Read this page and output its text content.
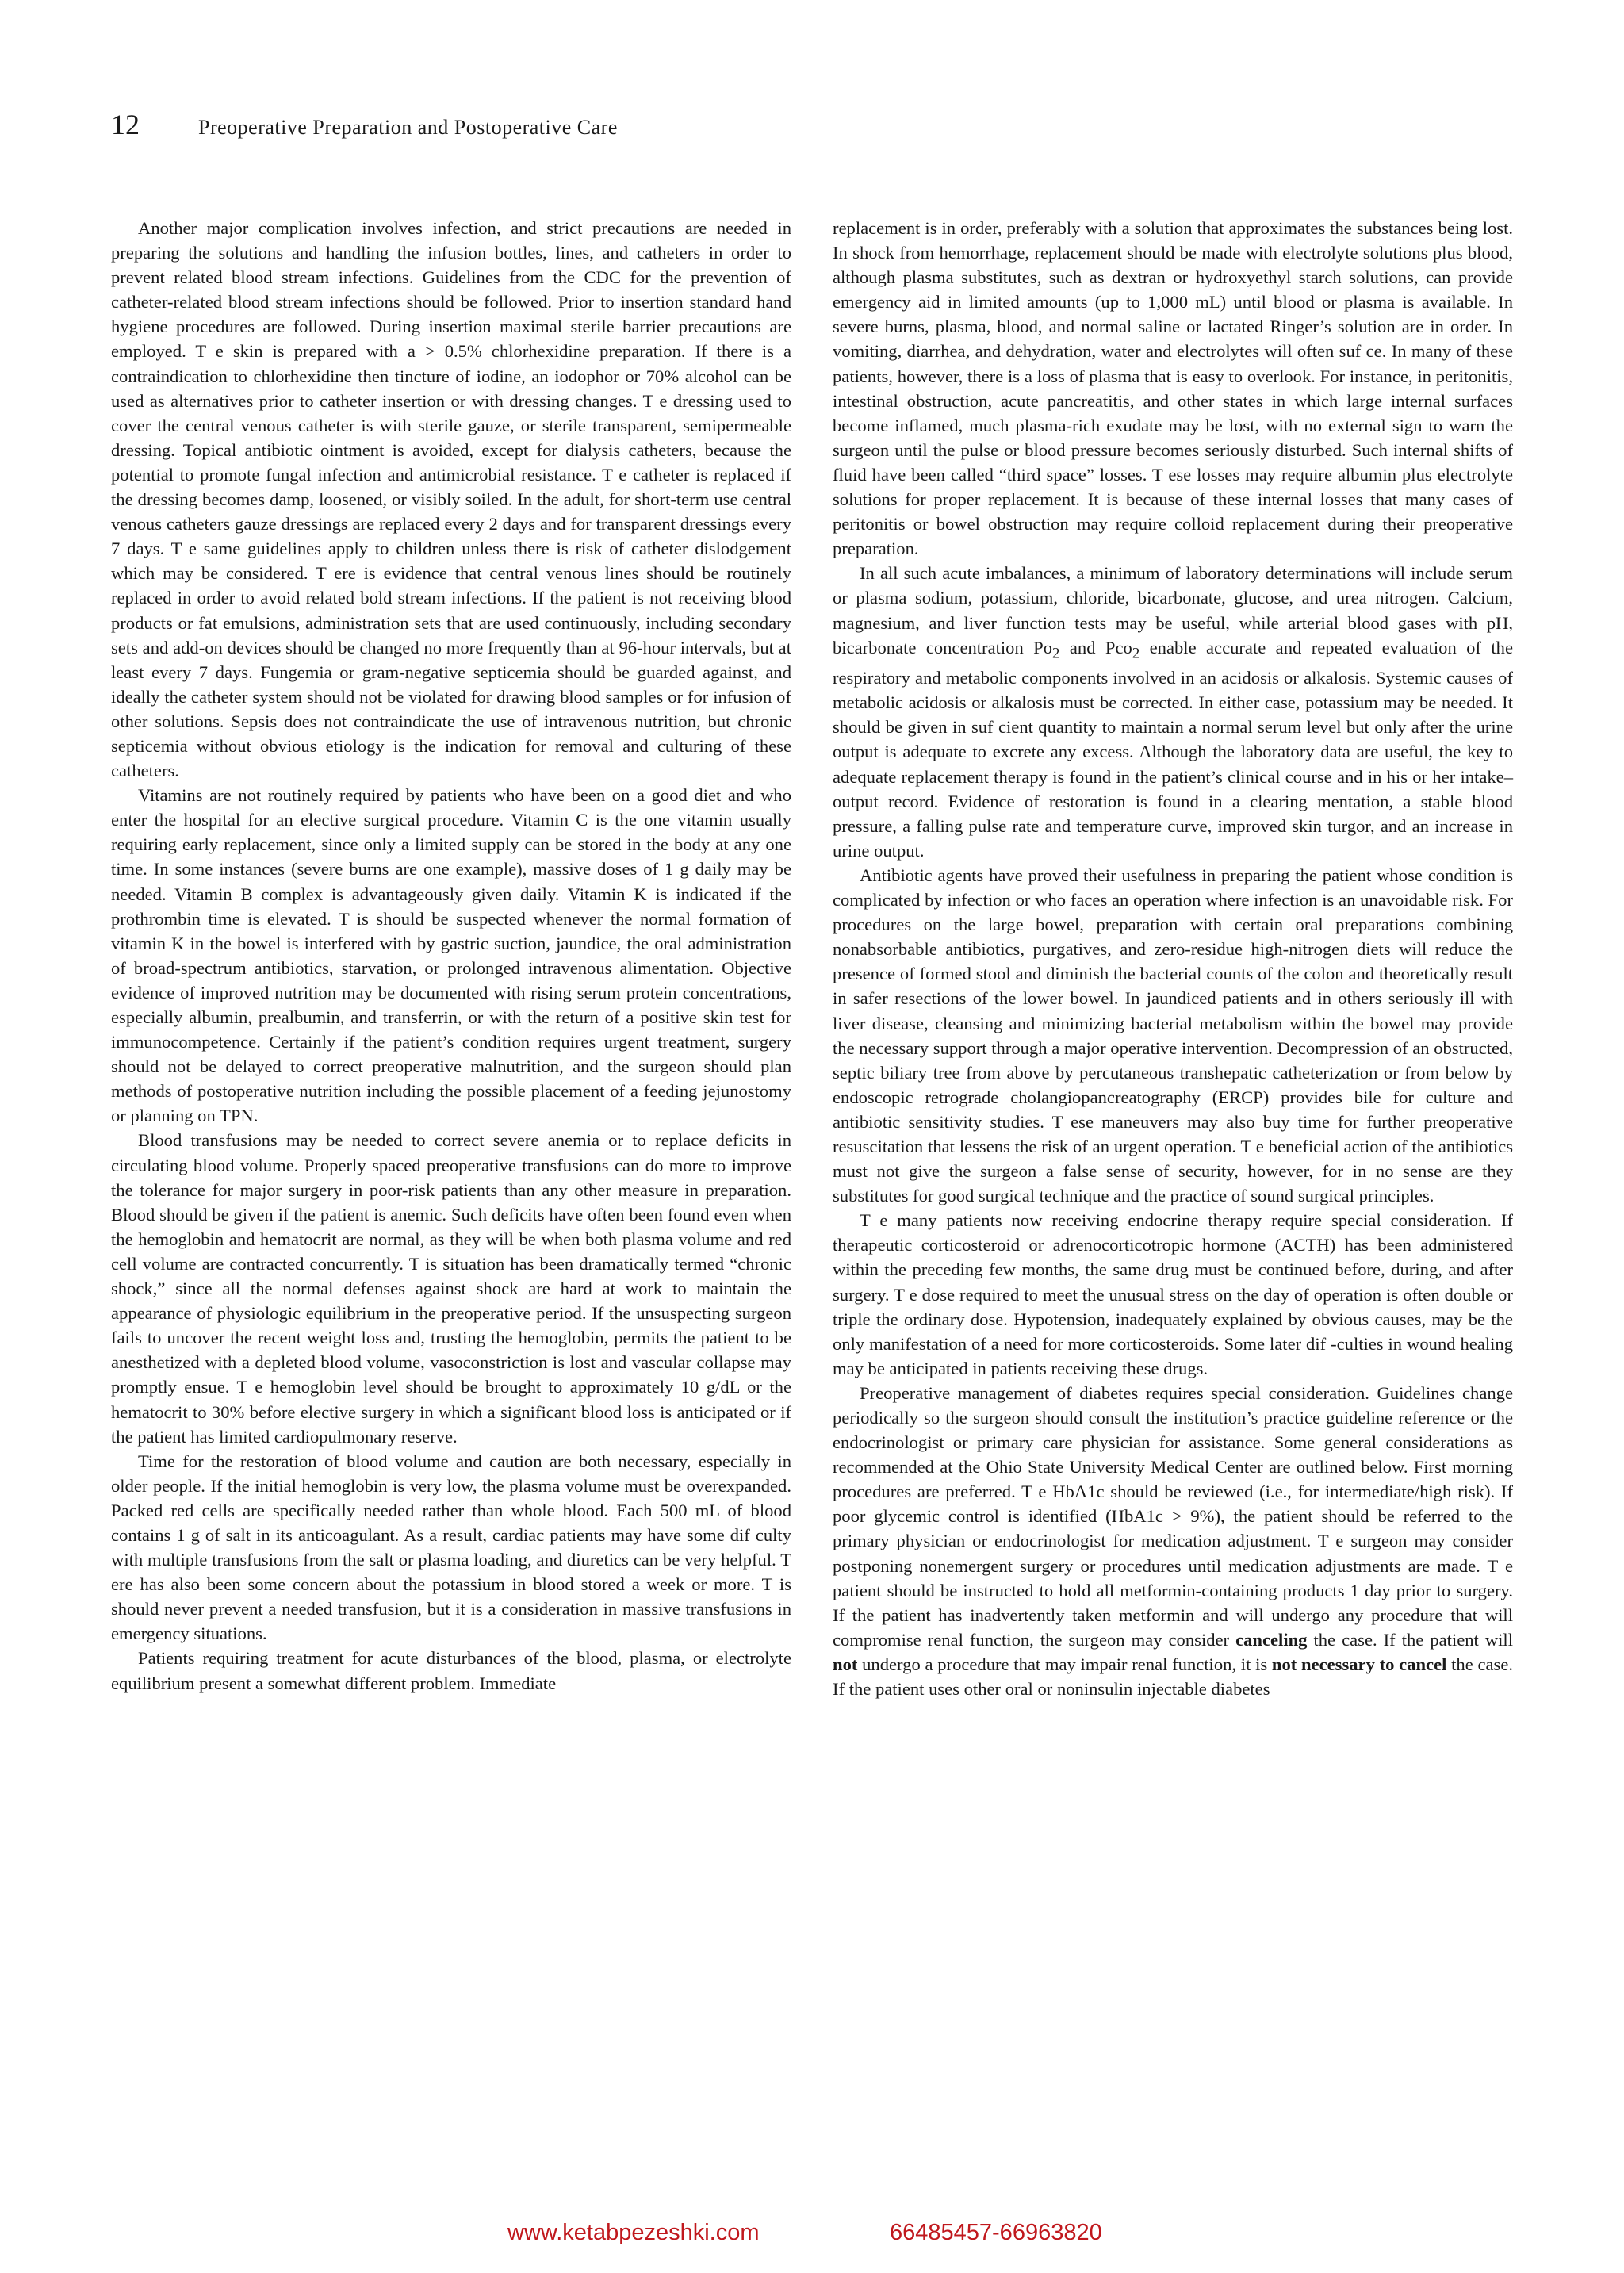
12	Preoperative Preparation and Postoperative Care

Another major complication involves infection, and strict precautions are needed in preparing the solutions and handling the infusion bottles, lines, and catheters in order to prevent related blood stream infections. Guidelines from the CDC for the prevention of catheter-related blood stream infections should be followed. Prior to insertion standard hand hygiene procedures are followed. During insertion maximal sterile barrier precautions are employed. T e skin is prepared with a > 0.5% chlorhexidine preparation. If there is a contraindication to chlorhexidine then tincture of iodine, an iodophor or 70% alcohol can be used as alternatives prior to catheter insertion or with dressing changes. T e dressing used to cover the central venous catheter is with sterile gauze, or sterile transparent, semipermeable dressing. Topical antibiotic ointment is avoided, except for dialysis catheters, because the potential to promote fungal infection and antimicrobial resistance. T e catheter is replaced if the dressing becomes damp, loosened, or visibly soiled. In the adult, for short-term use central venous catheters gauze dressings are replaced every 2 days and for transparent dressings every 7 days. T e same guidelines apply to children unless there is risk of catheter dislodgement which may be considered. T ere is evidence that central venous lines should be routinely replaced in order to avoid related bold stream infections. If the patient is not receiving blood products or fat emulsions, administration sets that are used continuously, including secondary sets and add-on devices should be changed no more frequently than at 96-hour intervals, but at least every 7 days. Fungemia or gram-negative septicemia should be guarded against, and ideally the catheter system should not be violated for drawing blood samples or for infusion of other solutions. Sepsis does not contraindicate the use of intravenous nutrition, but chronic septicemia without obvious etiology is the indication for removal and culturing of these catheters.

Vitamins are not routinely required by patients who have been on a good diet and who enter the hospital for an elective surgical procedure. Vitamin C is the one vitamin usually requiring early replacement, since only a limited supply can be stored in the body at any one time. In some instances (severe burns are one example), massive doses of 1 g daily may be needed. Vitamin B complex is advantageously given daily. Vitamin K is indicated if the prothrombin time is elevated. T is should be suspected whenever the normal formation of vitamin K in the bowel is interfered with by gastric suction, jaundice, the oral administration of broad-spectrum antibiotics, starvation, or prolonged intravenous alimentation. Objective evidence of improved nutrition may be documented with rising serum protein concentrations, especially albumin, prealbumin, and transferrin, or with the return of a positive skin test for immunocompetence. Certainly if the patient’s condition requires urgent treatment, surgery should not be delayed to correct preoperative malnutrition, and the surgeon should plan methods of postoperative nutrition including the possible placement of a feeding jejunostomy or planning on TPN.

Blood transfusions may be needed to correct severe anemia or to replace deficits in circulating blood volume. Properly spaced preoperative transfusions can do more to improve the tolerance for major surgery in poor-risk patients than any other measure in preparation. Blood should be given if the patient is anemic. Such deficits have often been found even when the hemoglobin and hematocrit are normal, as they will be when both plasma volume and red cell volume are contracted concurrently. T is situation has been dramatically termed “chronic shock,” since all the normal defenses against shock are hard at work to maintain the appearance of physiologic equilibrium in the preoperative period. If the unsuspecting surgeon fails to uncover the recent weight loss and, trusting the hemoglobin, permits the patient to be anesthetized with a depleted blood volume, vasoconstriction is lost and vascular collapse may promptly ensue. T e hemoglobin level should be brought to approximately 10 g/dL or the hematocrit to 30% before elective surgery in which a significant blood loss is anticipated or if the patient has limited cardiopulmonary reserve.

Time for the restoration of blood volume and caution are both necessary, especially in older people. If the initial hemoglobin is very low, the plasma volume must be overexpanded. Packed red cells are specifically needed rather than whole blood. Each 500 mL of blood contains 1 g of salt in its anticoagulant. As a result, cardiac patients may have some dif culty with multiple transfusions from the salt or plasma loading, and diuretics can be very helpful. T ere has also been some concern about the potassium in blood stored a week or more. T is should never prevent a needed transfusion, but it is a consideration in massive transfusions in emergency situations.

Patients requiring treatment for acute disturbances of the blood, plasma, or electrolyte equilibrium present a somewhat different problem. Immediate

replacement is in order, preferably with a solution that approximates the substances being lost. In shock from hemorrhage, replacement should be made with electrolyte solutions plus blood, although plasma substitutes, such as dextran or hydroxyethyl starch solutions, can provide emergency aid in limited amounts (up to 1,000 mL) until blood or plasma is available. In severe burns, plasma, blood, and normal saline or lactated Ringer’s solution are in order. In vomiting, diarrhea, and dehydration, water and electrolytes will often suf ce. In many of these patients, however, there is a loss of plasma that is easy to overlook. For instance, in peritonitis, intestinal obstruction, acute pancreatitis, and other states in which large internal surfaces become inflamed, much plasma-rich exudate may be lost, with no external sign to warn the surgeon until the pulse or blood pressure becomes seriously disturbed. Such internal shifts of fluid have been called “third space” losses. T ese losses may require albumin plus electrolyte solutions for proper replacement. It is because of these internal losses that many cases of peritonitis or bowel obstruction may require colloid replacement during their preoperative preparation.

In all such acute imbalances, a minimum of laboratory determinations will include serum or plasma sodium, potassium, chloride, bicarbonate, glucose, and urea nitrogen. Calcium, magnesium, and liver function tests may be useful, while arterial blood gases with pH, bicarbonate concentration $Po_2$ and Pco$_2$ enable accurate and repeated evaluation of the respiratory and metabolic components involved in an acidosis or alkalosis. Systemic causes of metabolic acidosis or alkalosis must be corrected. In either case, potassium may be needed. It should be given in suf cient quantity to maintain a normal serum level but only after the urine output is adequate to excrete any excess. Although the laboratory data are useful, the key to adequate replacement therapy is found in the patient’s clinical course and in his or her intake–output record. Evidence of restoration is found in a clearing mentation, a stable blood pressure, a falling pulse rate and temperature curve, improved skin turgor, and an increase in urine output.

Antibiotic agents have proved their usefulness in preparing the patient whose condition is complicated by infection or who faces an operation where infection is an unavoidable risk. For procedures on the large bowel, preparation with certain oral preparations combining nonabsorbable antibiotics, purgatives, and zero-residue high-nitrogen diets will reduce the presence of formed stool and diminish the bacterial counts of the colon and theoretically result in safer resections of the lower bowel. In jaundiced patients and in others seriously ill with liver disease, cleansing and minimizing bacterial metabolism within the bowel may provide the necessary support through a major operative intervention. Decompression of an obstructed, septic biliary tree from above by percutaneous transhepatic catheterization or from below by endoscopic retrograde cholangiopancreatography (ERCP) provides bile for culture and antibiotic sensitivity studies. T ese maneuvers may also buy time for further preoperative resuscitation that lessens the risk of an urgent operation. T e beneficial action of the antibiotics must not give the surgeon a false sense of security, however, for in no sense are they substitutes for good surgical technique and the practice of sound surgical principles.

T e many patients now receiving endocrine therapy require special consideration. If therapeutic corticosteroid or adrenocorticotropic hormone (ACTH) has been administered within the preceding few months, the same drug must be continued before, during, and after surgery. T e dose required to meet the unusual stress on the day of operation is often double or triple the ordinary dose. Hypotension, inadequately explained by obvious causes, may be the only manifestation of a need for more corticosteroids. Some later dif -culties in wound healing may be anticipated in patients receiving these drugs.

Preoperative management of diabetes requires special consideration. Guidelines change periodically so the surgeon should consult the institution’s practice guideline reference or the endocrinologist or primary care physician for assistance. Some general considerations as recommended at the Ohio State University Medical Center are outlined below. First morning procedures are preferred. T e HbA1c should be reviewed (i.e., for intermediate/high risk). If poor glycemic control is identified (HbA1c > 9%), the patient should be referred to the primary physician or endocrinologist for medication adjustment. T e surgeon may consider postponing nonemergent surgery or procedures until medication adjustments are made. T e patient should be instructed to hold all metformin-containing products 1 day prior to surgery. If the patient has inadvertently taken metformin and will undergo any procedure that will compromise renal function, the surgeon may consider canceling the case. If the patient will not undergo a procedure that may impair renal function, it is not necessary to cancel the case. If the patient uses other oral or noninsulin injectable diabetes

www.ketabpezeshki.com	66485457-66963820
